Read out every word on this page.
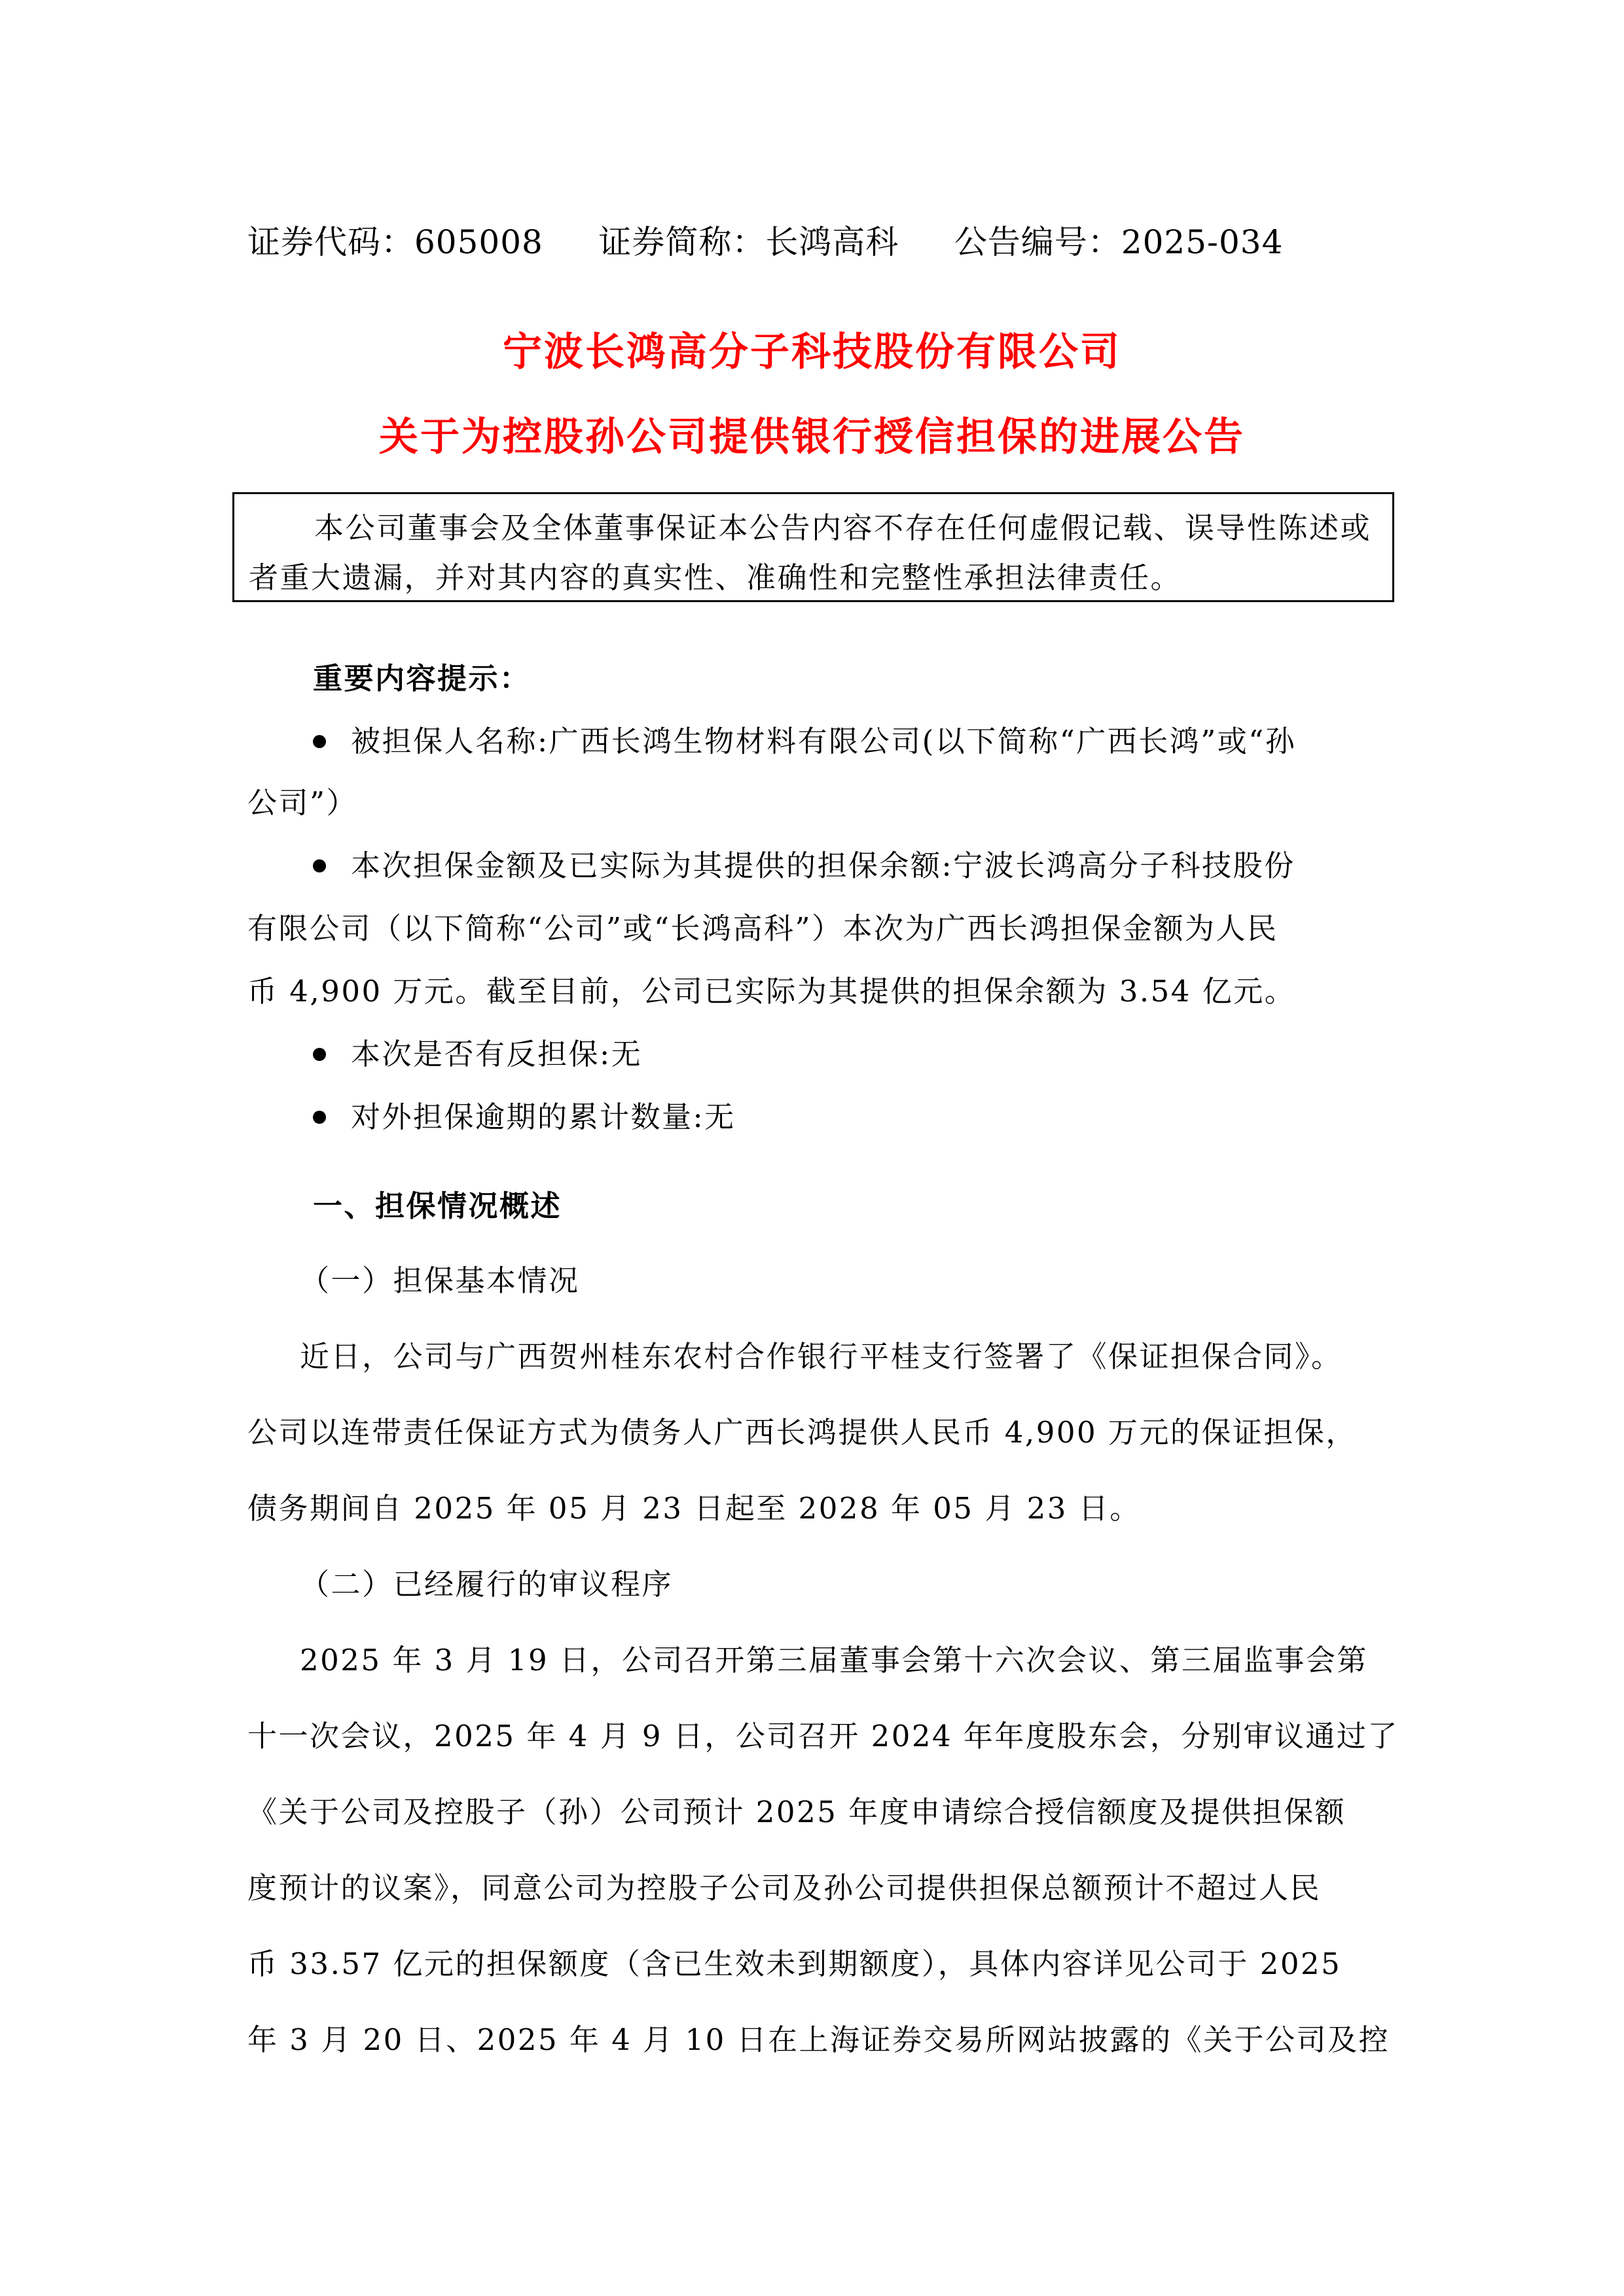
证券代码：605008 证券简称：长鸿高科 公告编号：2025-034
宁波长鸿高分子科技股份有限公司
关于为控股孙公司提供银行授信担保的进展公告
本公司董事会及全体董事保证本公告内容不存在任何虚假记载、误导性陈述或者重大遗漏，并对其内容的真实性、准确性和完整性承担法律责任。
重要内容提示：
被担保人名称:广西长鸿生物材料有限公司(以下简称“广西长鸿”或“孙
公司”）
本次担保金额及已实际为其提供的担保余额:宁波长鸿高分子科技股份
有限公司（以下简称“公司”或“长鸿高科”）本次为广西长鸿担保金额为人民
币 4,900 万元。截至目前，公司已实际为其提供的担保余额为 3.54 亿元。
本次是否有反担保:无
对外担保逾期的累计数量:无
一、担保情况概述
（一）担保基本情况
近日，公司与广西贺州桂东农村合作银行平桂支行签署了《保证担保合同》。
公司以连带责任保证方式为债务人广西长鸿提供人民币 4,900 万元的保证担保，
债务期间自 2025 年 05 月 23 日起至 2028 年 05 月 23 日。
（二）已经履行的审议程序
2025 年 3 月 19 日，公司召开第三届董事会第十六次会议、第三届监事会第
十一次会议，2025 年 4 月 9 日，公司召开 2024 年年度股东会，分别审议通过了
《关于公司及控股子（孙）公司预计 2025 年度申请综合授信额度及提供担保额
度预计的议案》，同意公司为控股子公司及孙公司提供担保总额预计不超过人民
币 33.57 亿元的担保额度（含已生效未到期额度），具体内容详见公司于 2025
年 3 月 20 日、2025 年 4 月 10 日在上海证券交易所网站披露的《关于公司及控
